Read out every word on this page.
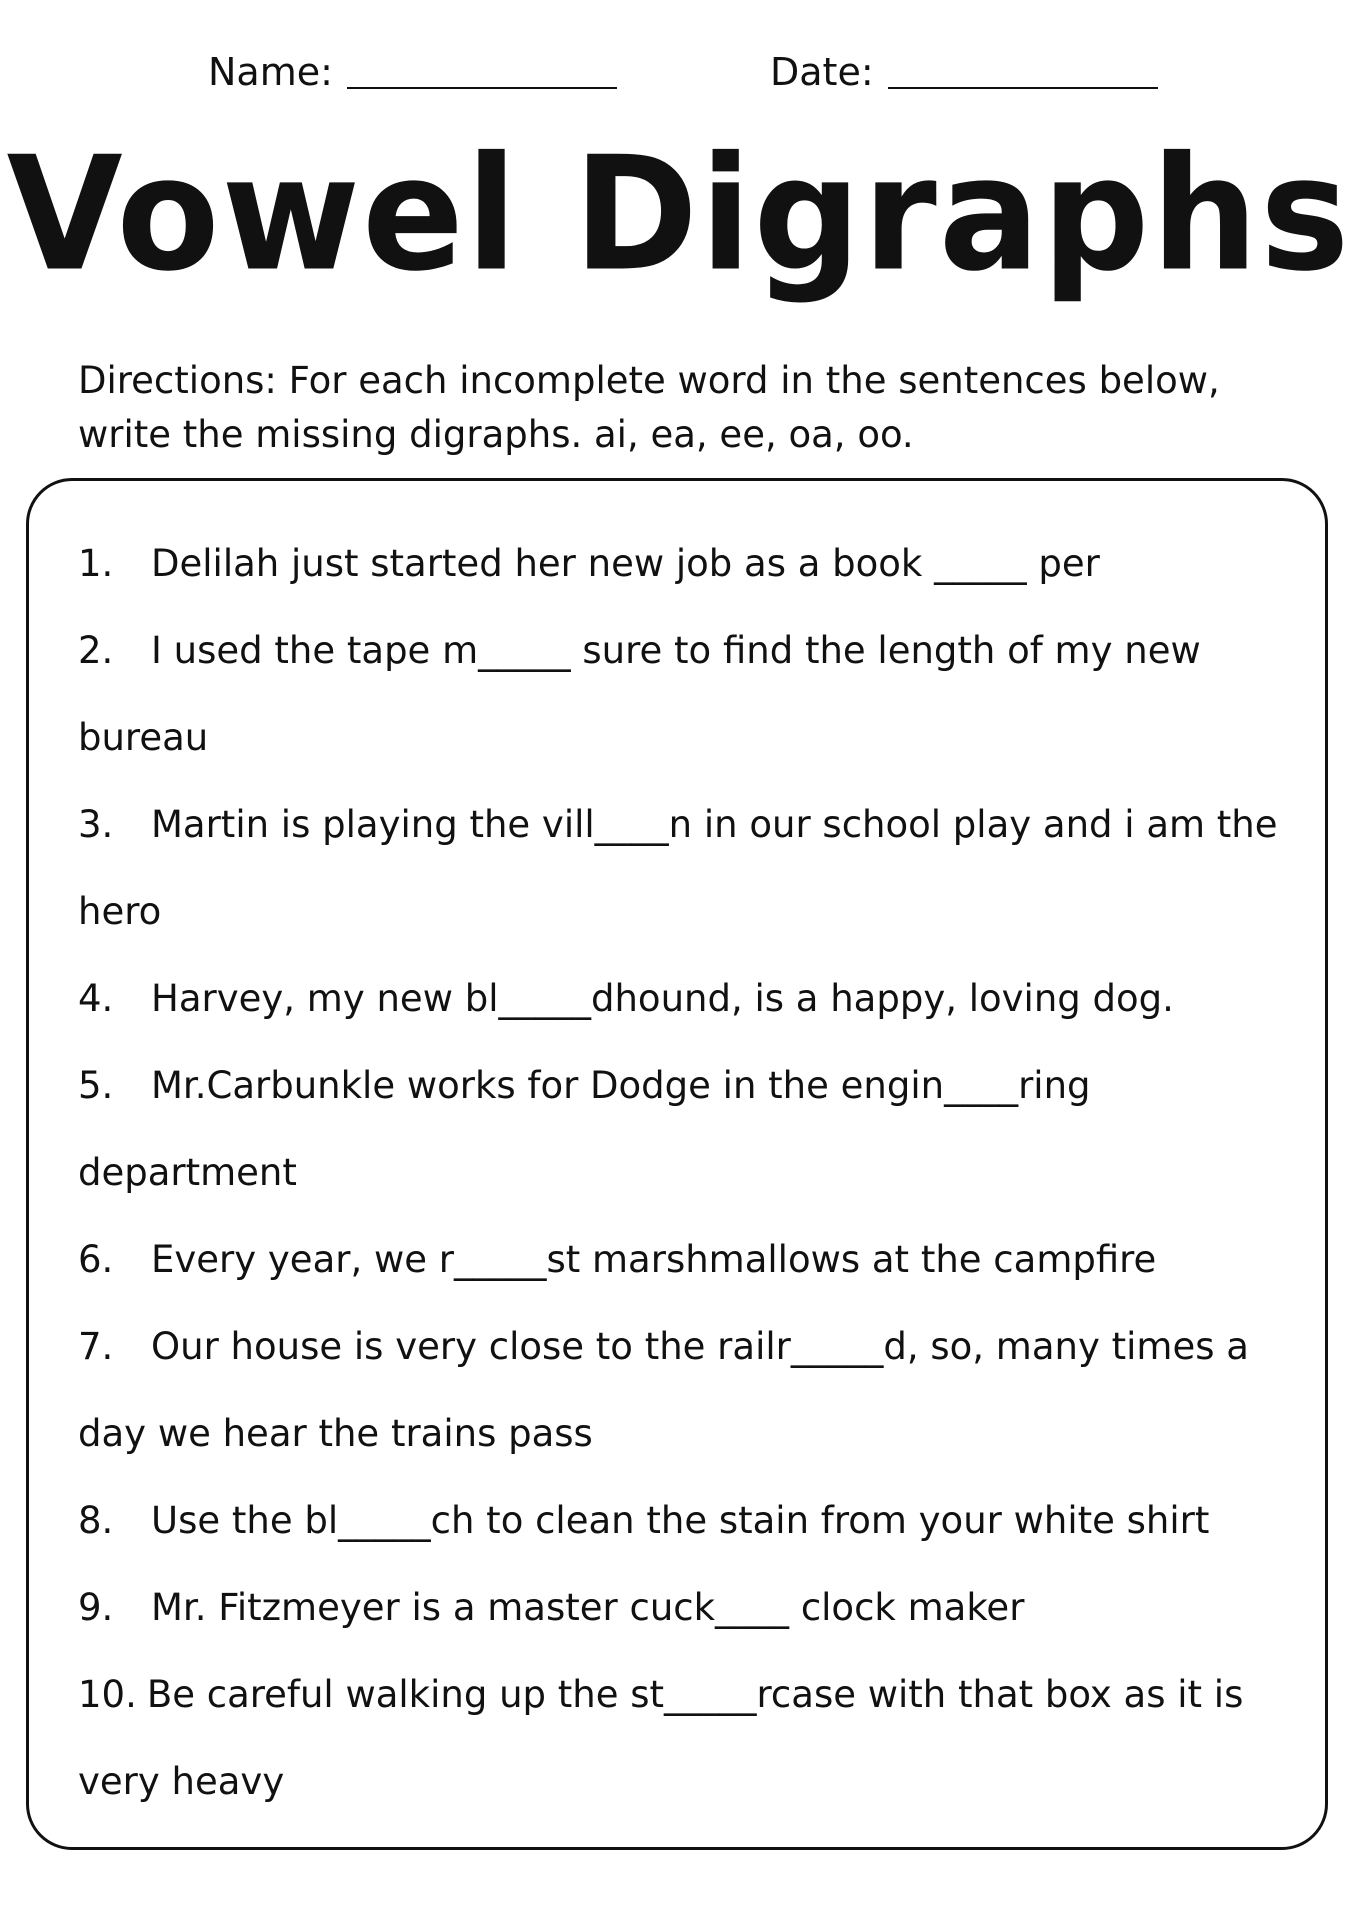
Name:	Date:
Vowel Digraphs
Directions: For each incomplete word in the sentences below,
write the missing digraphs. ai, ea, ee, oa, oo.
1. Delilah just started her new job as a book _____ per
2. I used the tape m_____ sure to find the length of my new
bureau
3. Martin is playing the vill____n in our school play and i am the
hero
4. Harvey, my new bl_____dhound, is a happy, loving dog.
5. Mr.Carbunkle works for Dodge in the engin____ring
department
6. Every year, we r_____st marshmallows at the campfire
7. Our house is very close to the railr_____d, so, many times a
day we hear the trains pass
8. Use the bl_____ch to clean the stain from your white shirt
9. Mr. Fitzmeyer is a master cuck____ clock maker
10. Be careful walking up the st_____rcase with that box as it is
very heavy
